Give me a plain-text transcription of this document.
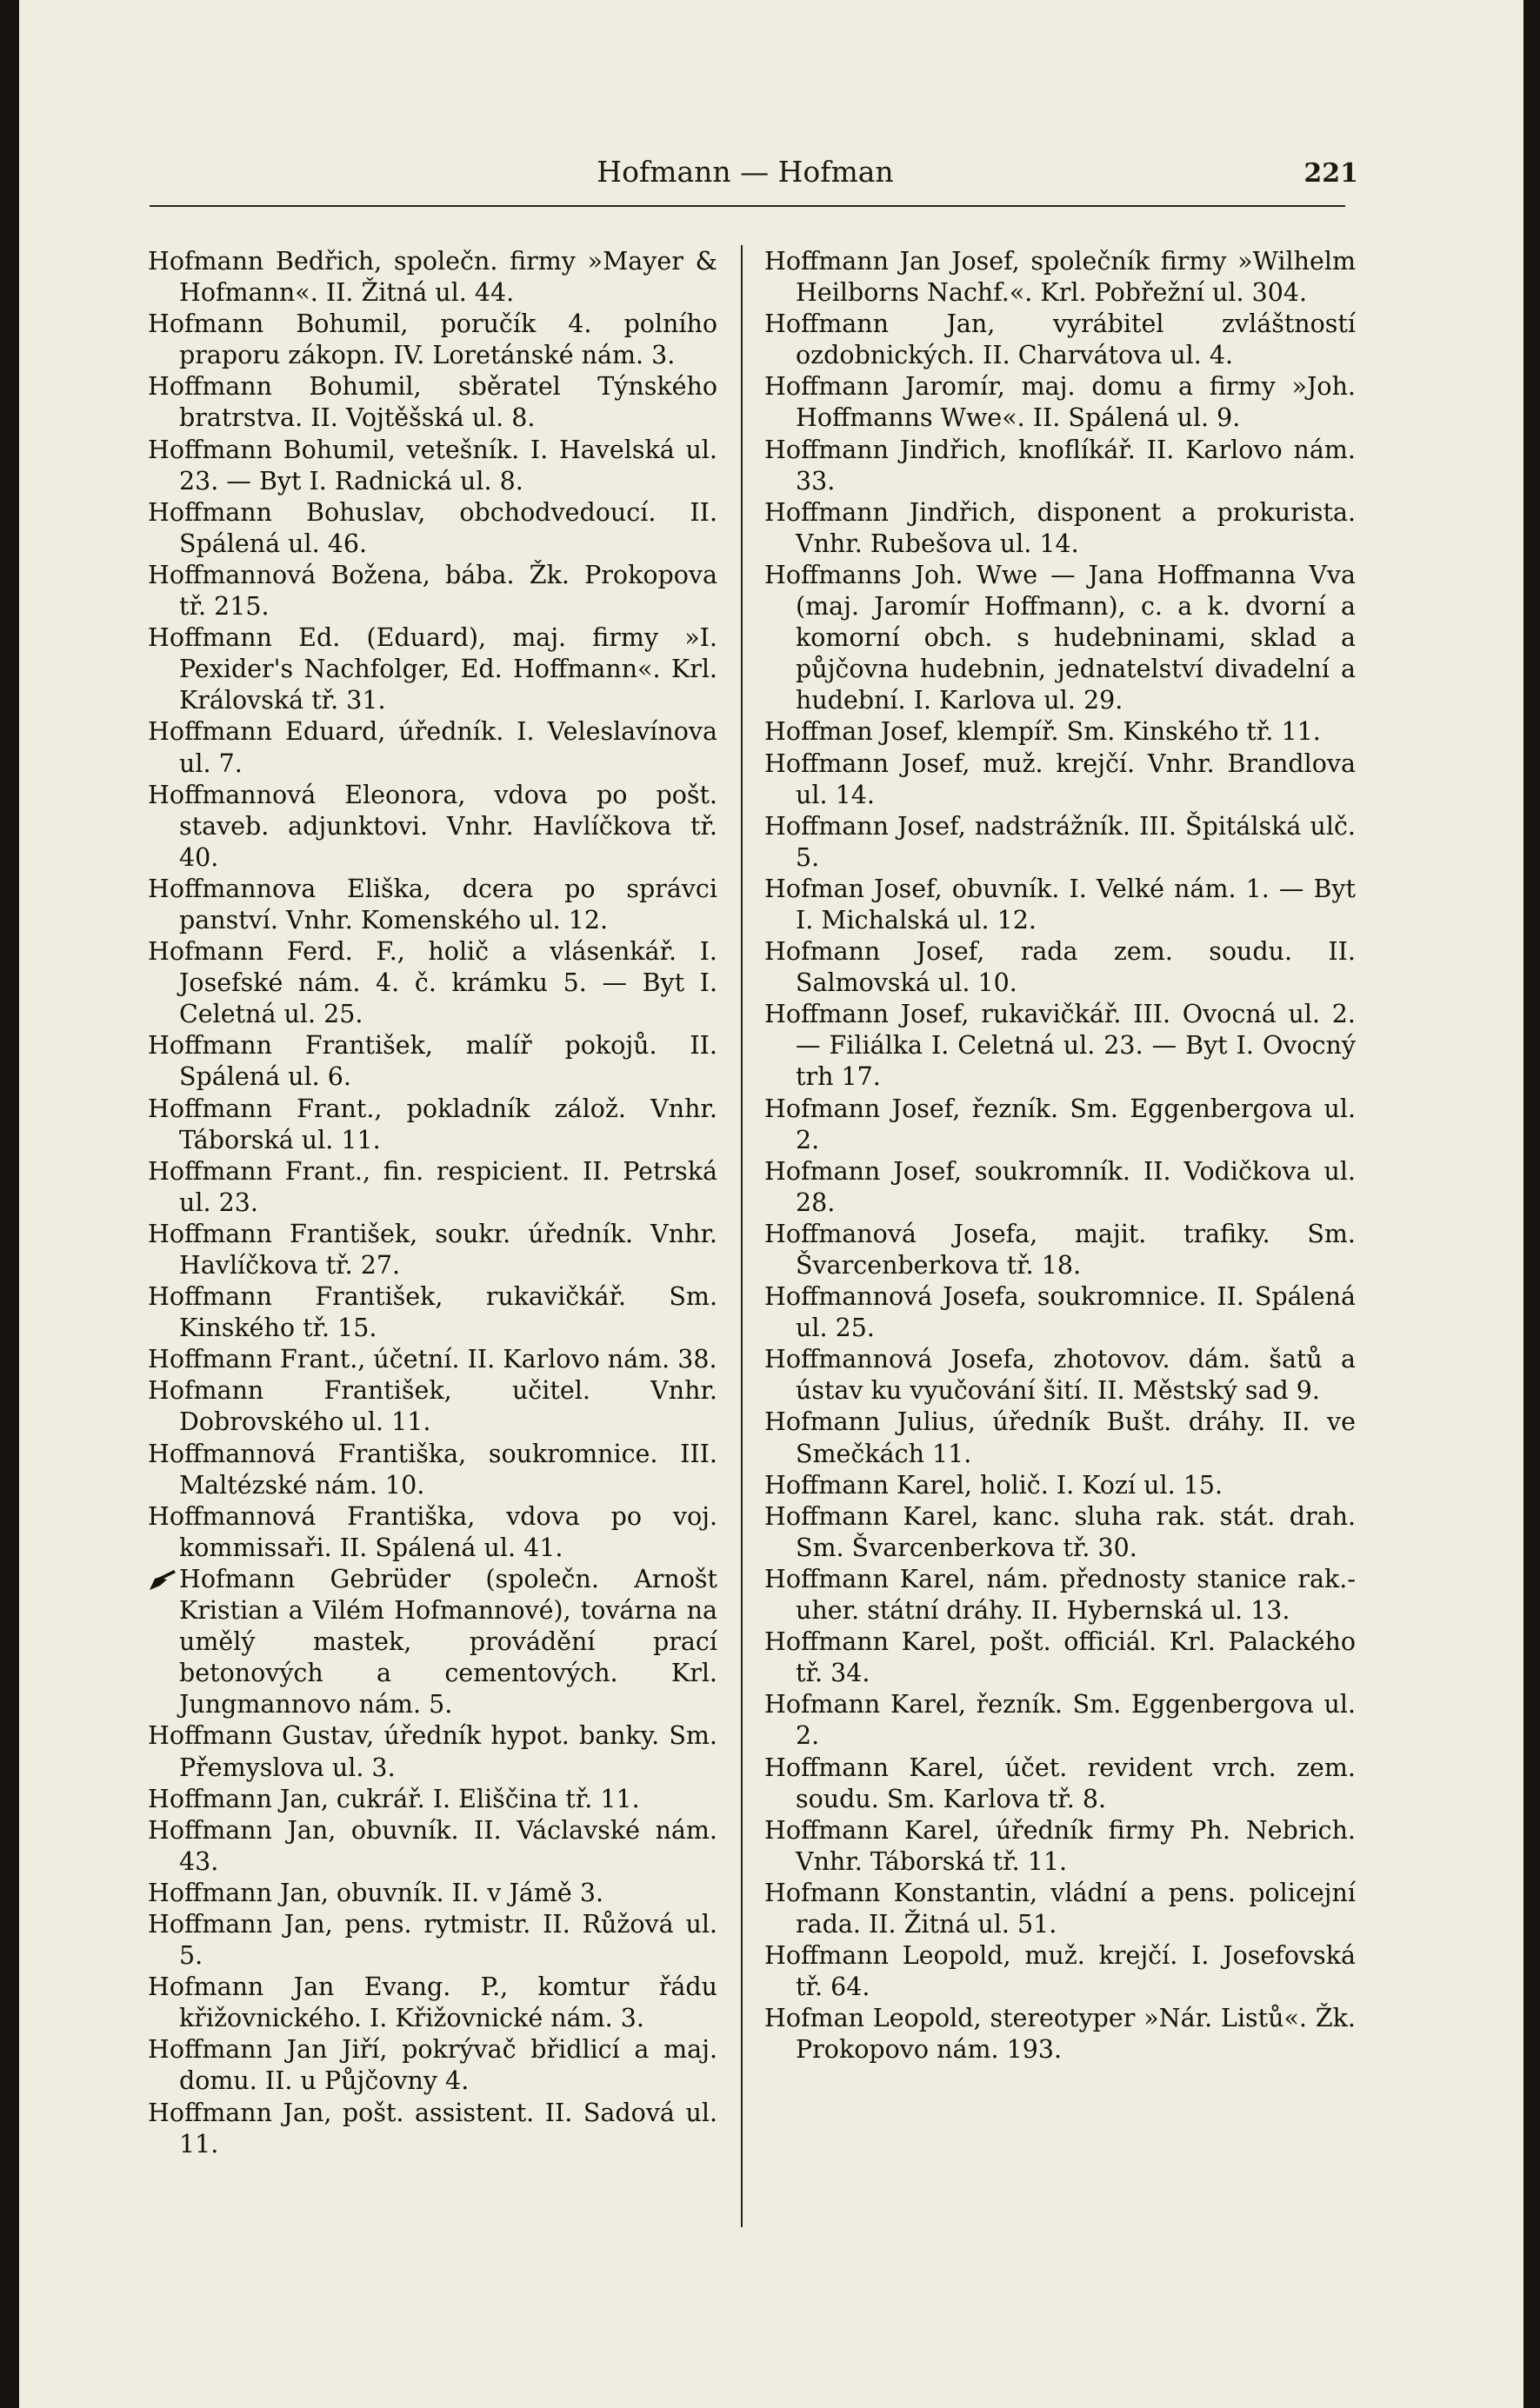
Hofmann — Hofman	221

Hofmann Bedřich, společn. firmy »Mayer & Hofmann«. II. Žitná ul. 44.

Hofmann Bohumil, poručík 4. polního praporu zákopn. IV. Loretánské nám. 3.

Hoffmann Bohumil, sběratel Týnského bratrstva. II. Vojtěšská ul. 8.

Hoffmann Bohumil, vetešník. I. Havelská ul. 23. — Byt I. Radnická ul. 8.

Hoffmann Bohuslav, obchodvedoucí. II. Spálená ul. 46.

Hoffmannová Božena, bába. Žk. Prokopova tř. 215.

Hoffmann Ed. (Eduard), maj. firmy »I. Pexider's Nachfolger, Ed. Hoffmann«. Krl. Královská tř. 31.

Hoffmann Eduard, úředník. I. Veleslavínova ul. 7.

Hoffmannová Eleonora, vdova po pošt. staveb. adjunktovi. Vnhr. Havlíčkova tř. 40.

Hoffmannova Eliška, dcera po správci panství. Vnhr. Komenského ul. 12.

Hofmann Ferd. F., holič a vlásenkář. I. Josefské nám. 4. č. krámku 5. — Byt I. Celetná ul. 25.

Hoffmann František, malíř pokojů. II. Spálená ul. 6.

Hoffmann Frant., pokladník zálož. Vnhr. Táborská ul. 11.

Hoffmann Frant., fin. respicient. II. Petrská ul. 23.

Hoffmann František, soukr. úředník. Vnhr. Havlíčkova tř. 27.

Hoffmann František, rukavičkář. Sm. Kinského tř. 15.

Hoffmann Frant., účetní. II. Karlovo nám. 38.

Hofmann František, učitel. Vnhr. Dobrovského ul. 11.

Hoffmannová Františka, soukromnice. III. Maltézské nám. 10.

Hoffmannová Františka, vdova po voj. kommissaři. II. Spálená ul. 41.

Hofmann Gebrüder (společn. Arnošt Kristian a Vilém Hofmannové), továrna na umělý mastek, provádění prací betonových a cementových. Krl. Jungmannovo nám. 5.

Hoffmann Gustav, úředník hypot. banky. Sm. Přemyslova ul. 3.

Hoffmann Jan, cukrář. I. Eliščina tř. 11.

Hoffmann Jan, obuvník. II. Václavské nám. 43.

Hoffmann Jan, obuvník. II. v Jámě 3.

Hoffmann Jan, pens. rytmistr. II. Růžová ul. 5.

Hofmann Jan Evang. P., komtur řádu křižovnického. I. Křižovnické nám. 3.

Hoffmann Jan Jiří, pokrývač břidlicí a maj. domu. II. u Půjčovny 4.

Hoffmann Jan, pošt. assistent. II. Sadová ul. 11.

Hoffmann Jan Josef, společník firmy »Wilhelm Heilborns Nachf.«. Krl. Pobřežní ul. 304.

Hoffmann Jan, vyrábitel zvláštností ozdobnických. II. Charvátova ul. 4.

Hoffmann Jaromír, maj. domu a firmy »Joh. Hoffmanns Wwe«. II. Spálená ul. 9.

Hoffmann Jindřich, knoflíkář. II. Karlovo nám. 33.

Hoffmann Jindřich, disponent a prokurista. Vnhr. Rubešova ul. 14.

Hoffmanns Joh. Wwe — Jana Hoffmanna Vva (maj. Jaromír Hoffmann), c. a k. dvorní a komorní obch. s hudebninami, sklad a půjčovna hudebnin, jednatelství divadelní a hudební. I. Karlova ul. 29.

Hoffman Josef, klempíř. Sm. Kinského tř. 11.

Hoffmann Josef, muž. krejčí. Vnhr. Brandlova ul. 14.

Hoffmann Josef, nadstrážník. III. Špitálská ulč. 5.

Hofman Josef, obuvník. I. Velké nám. 1. — Byt I. Michalská ul. 12.

Hofmann Josef, rada zem. soudu. II. Salmovská ul. 10.

Hoffmann Josef, rukavičkář. III. Ovocná ul. 2. — Filiálka I. Celetná ul. 23. — Byt I. Ovocný trh 17.

Hofmann Josef, řezník. Sm. Eggenbergova ul. 2.

Hofmann Josef, soukromník. II. Vodičkova ul. 28.

Hoffmanová Josefa, majit. trafiky. Sm. Švarcenberkova tř. 18.

Hoffmannová Josefa, soukromnice. II. Spálená ul. 25.

Hoffmannová Josefa, zhotovov. dám. šatů a ústav ku vyučování šití. II. Městský sad 9.

Hofmann Julius, úředník Bušt. dráhy. II. ve Smečkách 11.

Hoffmann Karel, holič. I. Kozí ul. 15.

Hoffmann Karel, kanc. sluha rak. stát. drah. Sm. Švarcenberkova tř. 30.

Hoffmann Karel, nám. přednosty stanice rak.-uher. státní dráhy. II. Hybernská ul. 13.

Hoffmann Karel, pošt. officiál. Krl. Palackého tř. 34.

Hofmann Karel, řezník. Sm. Eggenbergova ul. 2.

Hoffmann Karel, účet. revident vrch. zem. soudu. Sm. Karlova tř. 8.

Hoffmann Karel, úředník firmy Ph. Nebrich. Vnhr. Táborská tř. 11.

Hofmann Konstantin, vládní a pens. policejní rada. II. Žitná ul. 51.

Hoffmann Leopold, muž. krejčí. I. Josefovská tř. 64.

Hofman Leopold, stereotyper »Nár. Listů«. Žk. Prokopovo nám. 193.
